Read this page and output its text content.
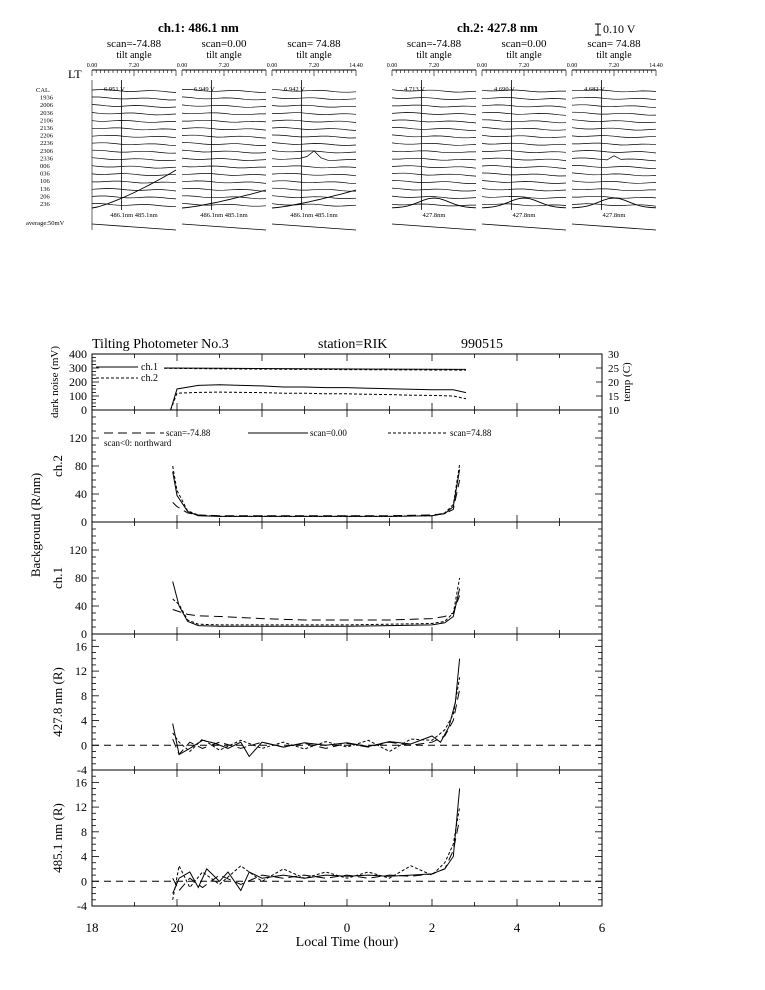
ch.1: 486.1 nm	ch.2: 427.8 nm	0.10 V
LT
scan=-74.88
tilt angle
0.00	7.20
6.951 V
486.1nm 485.1nm
scan=0.00
tilt angle
0.00	7.20
6.949 V
486.1nm 485.1nm
scan= 74.88
tilt angle
0.00	7.20	14.40
6.942 V
486.1nm 485.1nm
scan=-74.88
tilt angle
0.00	7.20
4.713 V
427.8nm
scan=0.00
tilt angle
0.00	7.20
4.690 V
427.8nm
scan= 74.88
tilt angle
0.00	7.20	14.40
4.682 V
427.8nm
CAL.
1936
2006
2036
2106
2136
2206
2236
2306
2336
006
036
106
136
206
236
average:50mV
Tilting Photometer No.3	station=RIK	990515
0
100
200
300
400
10
15
20
25
30
temp (C)
dark noise (mV)	ch.1
ch.2
0
40
80
120
ch.2
scan=-74.88	scan=0.00	scan=74.88
scan<0: northward
0
40
80
120
ch.1
-4
0
4
8
12
16
427.8 nm (R)
-4
0
4
8
12
16
485.1 nm (R)
18	20	22	0	2	4	6
Background (R/nm)
Local Time (hour)
